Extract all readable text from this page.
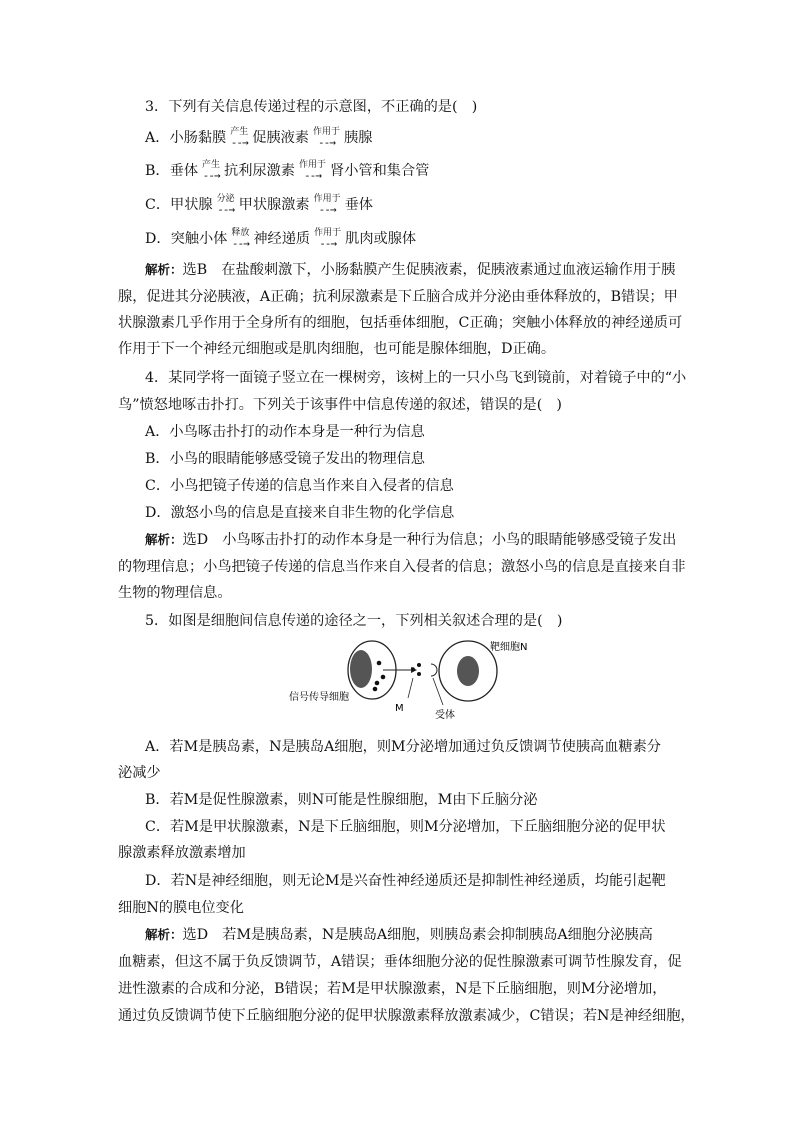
3．下列有关信息传递过程的示意图，不正确的是(　)
A． 小肠黏膜 产生
--→ 促胰液素 作用于
--→ 胰腺
B． 垂体 产生
--→ 抗利尿激素 作用于
--→ 肾小管和集合管
C． 甲状腺 分泌
--→ 甲状腺激素 作用于
--→ 垂体
D． 突触小体 释放
--→ 神经递质 作用于
--→ 肌肉或腺体
解析：选B　在盐酸刺激下，小肠黏膜产生促胰液素，促胰液素通过血液运输作用于胰
腺，促进其分泌胰液，A正确；抗利尿激素是下丘脑合成并分泌由垂体释放的，B错误；甲
状腺激素几乎作用于全身所有的细胞，包括垂体细胞，C正确；突触小体释放的神经递质可
作用于下一个神经元细胞或是肌肉细胞，也可能是腺体细胞，D正确。
4．某同学将一面镜子竖立在一棵树旁，该树上的一只小鸟飞到镜前，对着镜子中的“小
鸟”愤怒地啄击扑打。下列关于该事件中信息传递的叙述，错误的是(　)
A．小鸟啄击扑打的动作本身是一种行为信息
B．小鸟的眼睛能够感受镜子发出的物理信息
C．小鸟把镜子传递的信息当作来自入侵者的信息
D．激怒小鸟的信息是直接来自非生物的化学信息
解析：选D　小鸟啄击扑打的动作本身是一种行为信息；小鸟的眼睛能够感受镜子发出
的物理信息；小鸟把镜子传递的信息当作来自入侵者的信息；激怒小鸟的信息是直接来自非
生物的物理信息。
5．如图是细胞间信息传递的途径之一，下列相关叙述合理的是(　)
信号传导细胞
M
受体
靶细胞N
A．若M是胰岛素，N是胰岛A细胞，则M分泌增加通过负反馈调节使胰高血糖素分
泌减少
B．若M是促性腺激素，则N可能是性腺细胞，M由下丘脑分泌
C．若M是甲状腺激素，N是下丘脑细胞，则M分泌增加，下丘脑细胞分泌的促甲状
腺激素释放激素增加
D．若N是神经细胞，则无论M是兴奋性神经递质还是抑制性神经递质，均能引起靶
细胞N的膜电位变化
解析：选D　若M是胰岛素，N是胰岛A细胞，则胰岛素会抑制胰岛A细胞分泌胰高
血糖素，但这不属于负反馈调节，A错误；垂体细胞分泌的促性腺激素可调节性腺发育，促
进性激素的合成和分泌，B错误；若M是甲状腺激素，N是下丘脑细胞，则M分泌增加，
通过负反馈调节使下丘脑细胞分泌的促甲状腺激素释放激素减少，C错误；若N是神经细胞，
